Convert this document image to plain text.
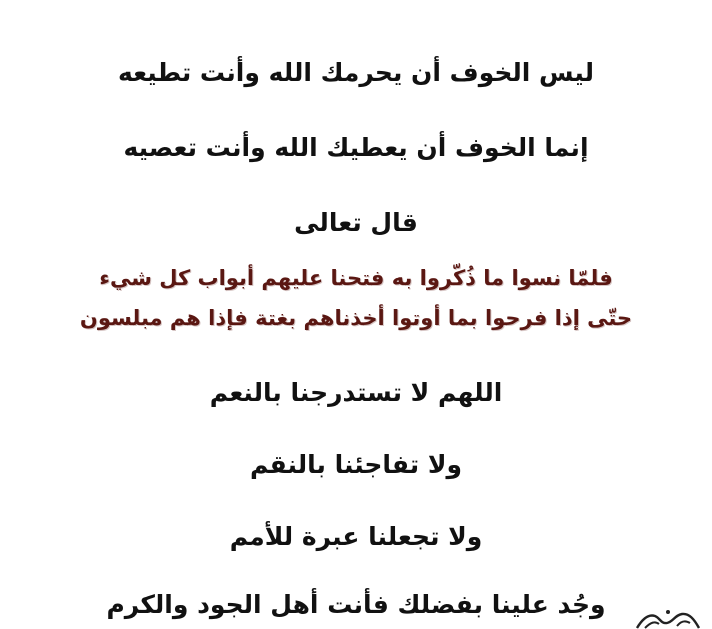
ليس الخوف أن يحرمك الله وأنت تطيعه
إنما الخوف أن يعطيك الله وأنت تعصيه
قال تعالى
فلمّا نسوا ما ذُكّروا به فتحنا عليهم أبواب كل شيء
حتّى إذا فرحوا بما أوتوا أخذناهم بغتة فإذا هم مبلسون
اللهم لا تستدرجنا بالنعم
ولا تفاجئنا بالنقم
ولا تجعلنا عبرة للأمم
وجُد علينا بفضلك فأنت أهل الجود والكرم
